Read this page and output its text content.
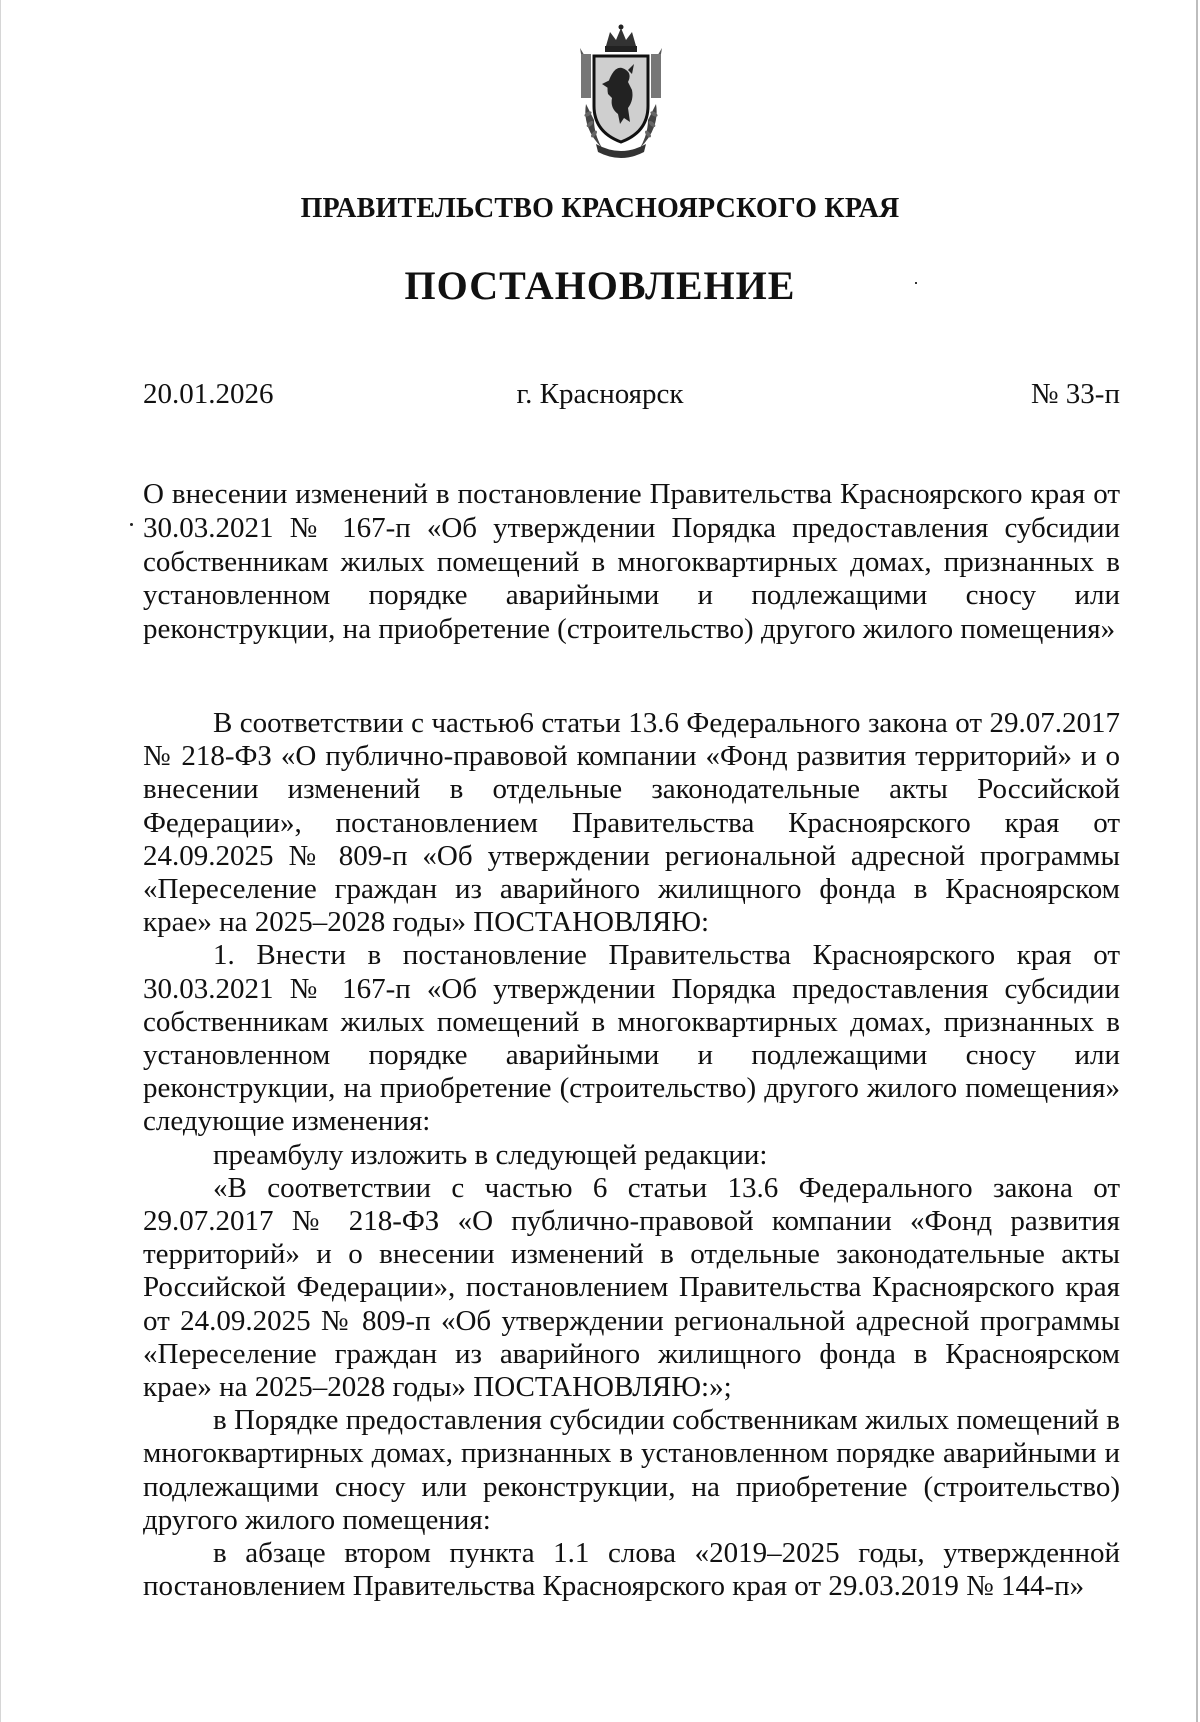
ПРАВИТЕЛЬСТВО КРАСНОЯРСКОГО КРАЯ
ПОСТАНОВЛЕНИЕ
20.01.2026	г. Красноярск	№ 33-п

О внесении изменений в постановление Правительства Красноярского края от 30.03.2021 № 167-п «Об утверждении Порядка предоставления субсидии собственникам жилых помещений в многоквартирных домах, признанных в установленном порядке аварийными и подлежащими сносу или реконструкции, на приобретение (строительство) другого жилого помещения»

В соответствии с частью6 статьи 13.6 Федерального закона от 29.07.2017 № 218-ФЗ «О публично-правовой компании «Фонд развития территорий» и о внесении изменений в отдельные законодательные акты Российской Федерации», постановлением Правительства Красноярского края от 24.09.2025 № 809-п «Об утверждении региональной адресной программы «Переселение граждан из аварийного жилищного фонда в Красноярском крае» на 2025–2028 годы» ПОСТАНОВЛЯЮ:

1. Внести в постановление Правительства Красноярского края от 30.03.2021 № 167-п «Об утверждении Порядка предоставления субсидии собственникам жилых помещений в многоквартирных домах, признанных в установленном порядке аварийными и подлежащими сносу или реконструкции, на приобретение (строительство) другого жилого помещения» следующие изменения:

преамбулу изложить в следующей редакции:

«В соответствии с частью 6 статьи 13.6 Федерального закона от 29.07.2017 № 218-ФЗ «О публично-правовой компании «Фонд развития территорий» и о внесении изменений в отдельные законодательные акты Российской Федерации», постановлением Правительства Красноярского края от 24.09.2025 № 809-п «Об утверждении региональной адресной программы «Переселение граждан из аварийного жилищного фонда в Красноярском крае» на 2025–2028 годы» ПОСТАНОВЛЯЮ:»;

в Порядке предоставления субсидии собственникам жилых помещений в многоквартирных домах, признанных в установленном порядке аварийными и подлежащими сносу или реконструкции, на приобретение (строительство) другого жилого помещения:

в абзаце втором пункта 1.1 слова «2019–2025 годы, утвержденной постановлением Правительства Красноярского края от 29.03.2019 № 144-п»
